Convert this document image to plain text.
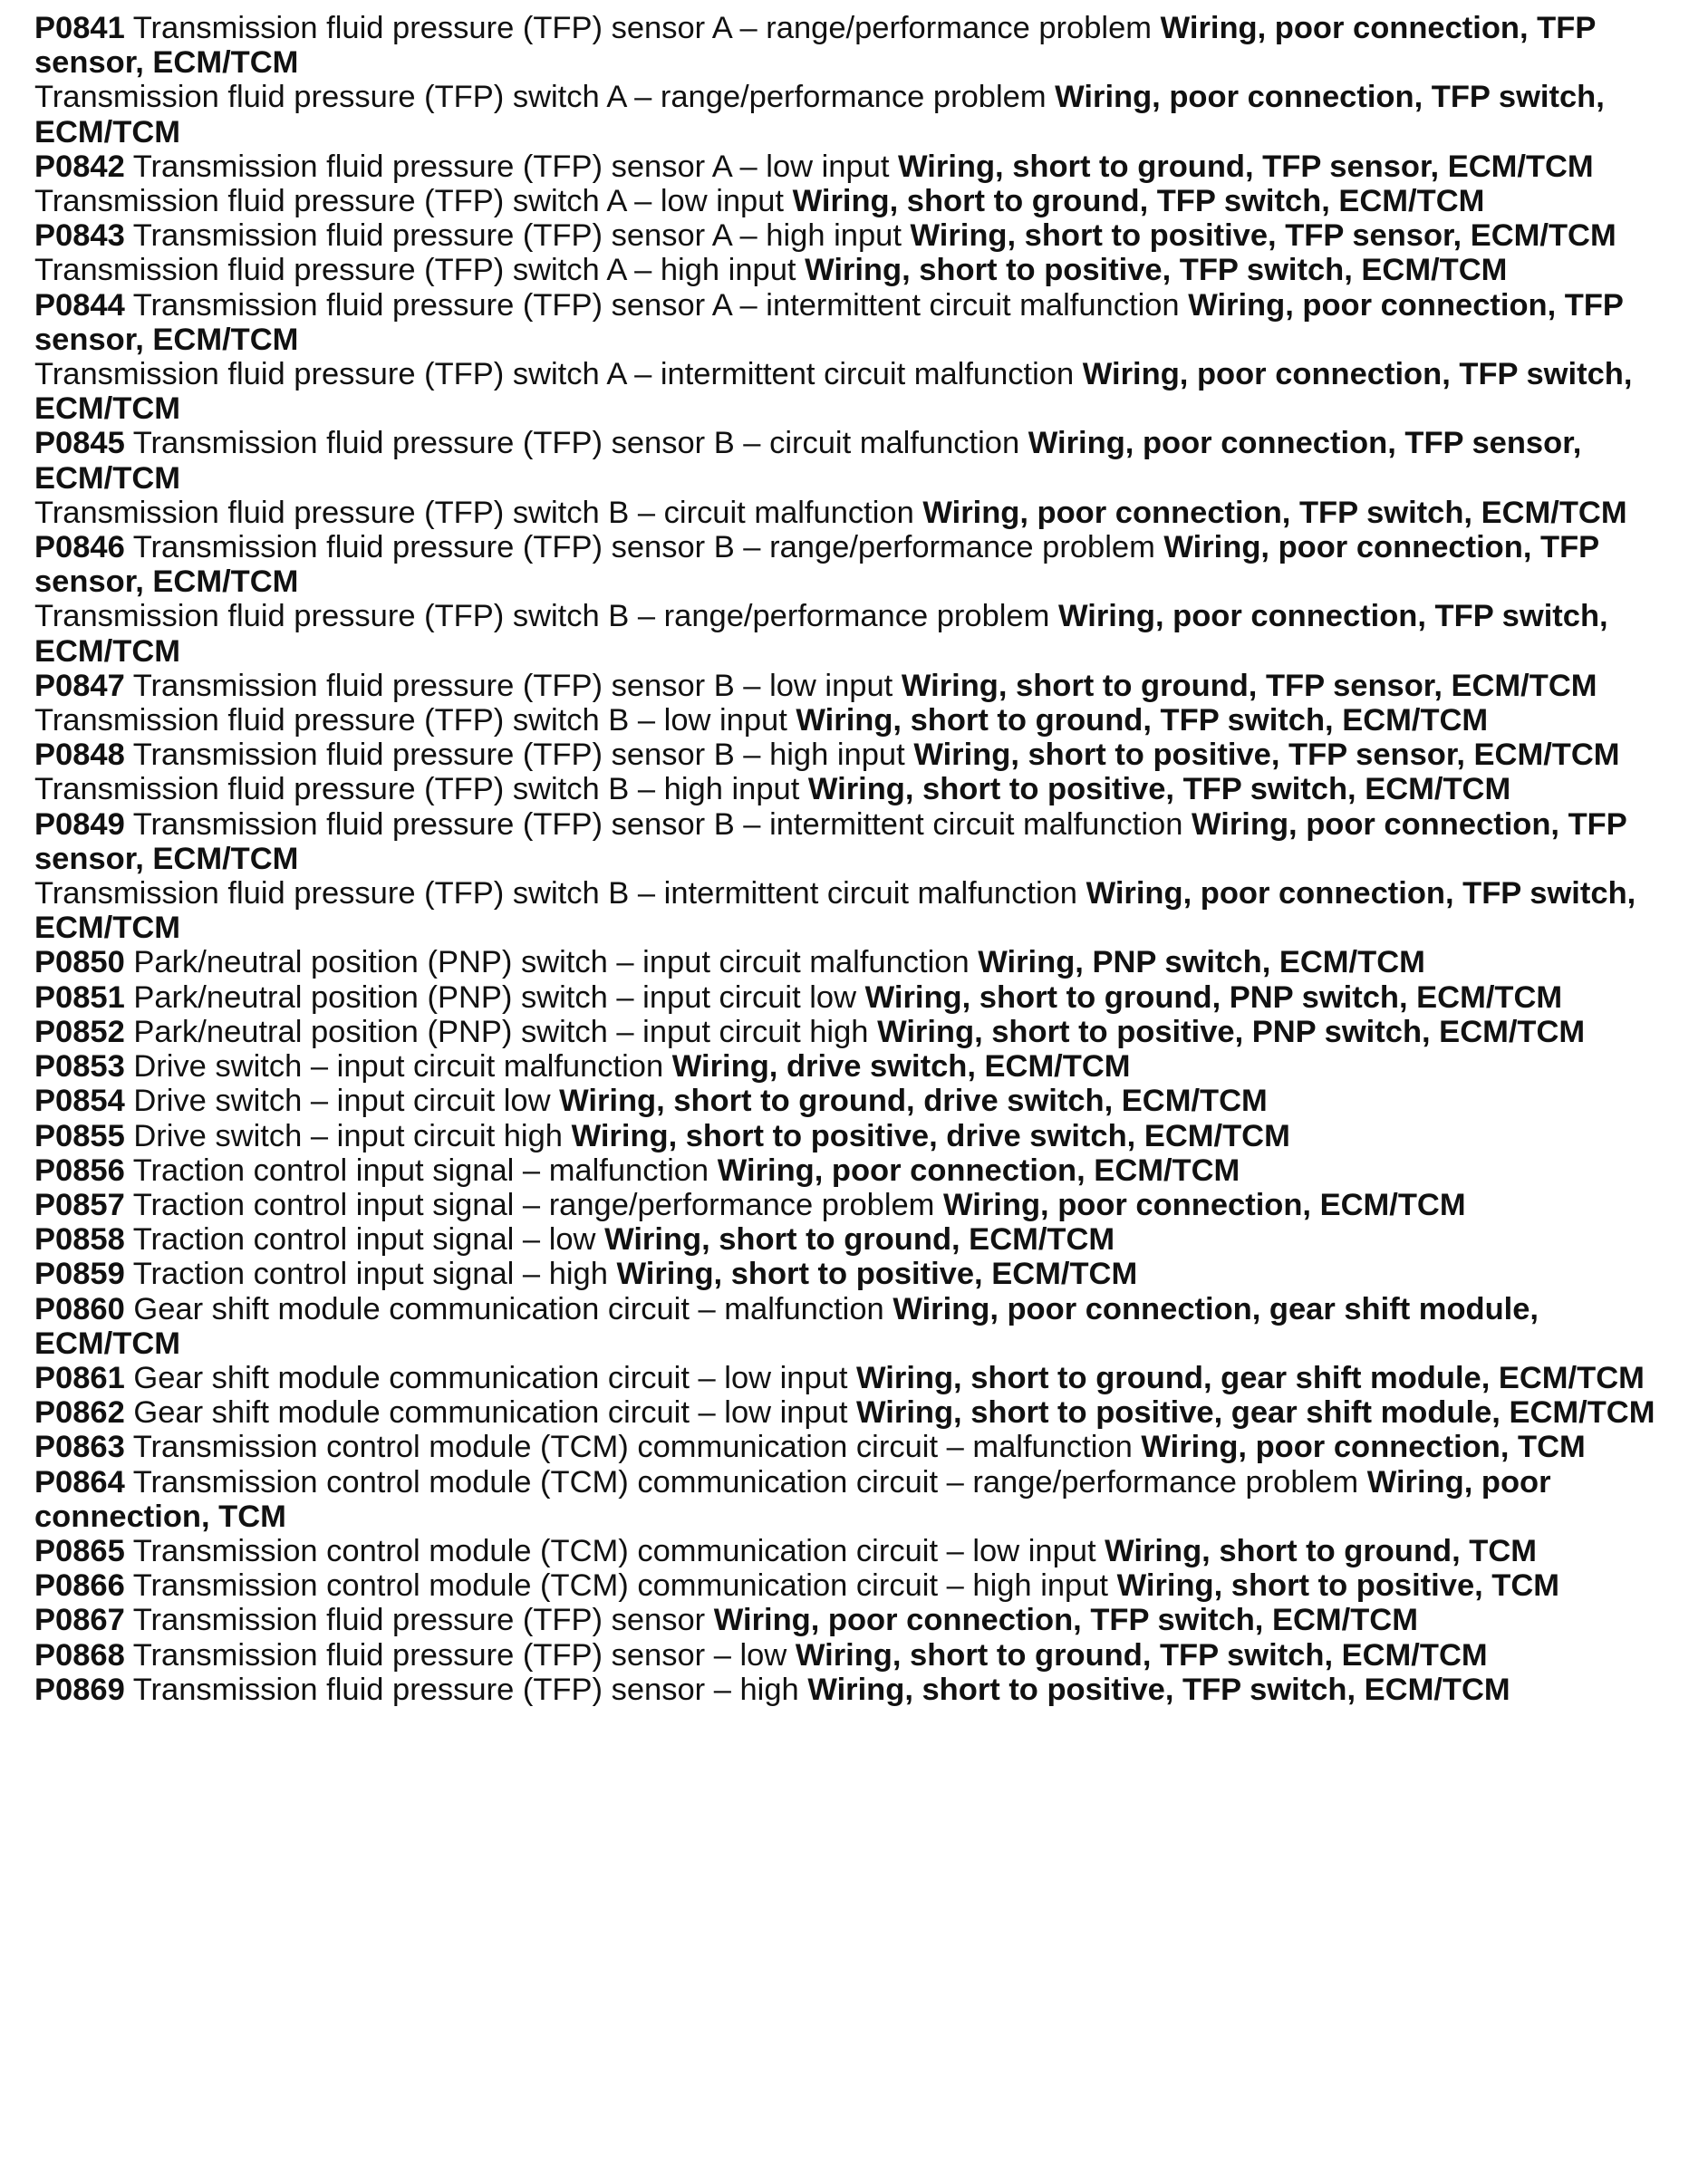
P0841 Transmission fluid pressure (TFP) sensor A – range/performance problem Wiring, poor connection, TFP sensor, ECM/TCM

Transmission fluid pressure (TFP) switch A – range/performance problem Wiring, poor connection, TFP switch, ECM/TCM

P0842 Transmission fluid pressure (TFP) sensor A – low input Wiring, short to ground, TFP sensor, ECM/TCM

Transmission fluid pressure (TFP) switch A – low input Wiring, short to ground, TFP switch, ECM/TCM

P0843 Transmission fluid pressure (TFP) sensor A – high input Wiring, short to positive, TFP sensor, ECM/TCM

Transmission fluid pressure (TFP) switch A – high input Wiring, short to positive, TFP switch, ECM/TCM

P0844 Transmission fluid pressure (TFP) sensor A – intermittent circuit malfunction Wiring, poor connection, TFP sensor, ECM/TCM

Transmission fluid pressure (TFP) switch A – intermittent circuit malfunction Wiring, poor connection, TFP switch, ECM/TCM

P0845 Transmission fluid pressure (TFP) sensor B – circuit malfunction Wiring, poor connection, TFP sensor, ECM/TCM

Transmission fluid pressure (TFP) switch B – circuit malfunction Wiring, poor connection, TFP switch, ECM/TCM

P0846 Transmission fluid pressure (TFP) sensor B – range/performance problem Wiring, poor connection, TFP sensor, ECM/TCM

Transmission fluid pressure (TFP) switch B – range/performance problem Wiring, poor connection, TFP switch, ECM/TCM

P0847 Transmission fluid pressure (TFP) sensor B – low input Wiring, short to ground, TFP sensor, ECM/TCM

Transmission fluid pressure (TFP) switch B – low input Wiring, short to ground, TFP switch, ECM/TCM

P0848 Transmission fluid pressure (TFP) sensor B – high input Wiring, short to positive, TFP sensor, ECM/TCM

Transmission fluid pressure (TFP) switch B – high input Wiring, short to positive, TFP switch, ECM/TCM

P0849 Transmission fluid pressure (TFP) sensor B – intermittent circuit malfunction Wiring, poor connection, TFP sensor, ECM/TCM

Transmission fluid pressure (TFP) switch B – intermittent circuit malfunction Wiring, poor connection, TFP switch, ECM/TCM

P0850 Park/neutral position (PNP) switch – input circuit malfunction Wiring, PNP switch, ECM/TCM

P0851 Park/neutral position (PNP) switch – input circuit low Wiring, short to ground, PNP switch, ECM/TCM

P0852 Park/neutral position (PNP) switch – input circuit high Wiring, short to positive, PNP switch, ECM/TCM

P0853 Drive switch – input circuit malfunction Wiring, drive switch, ECM/TCM

P0854 Drive switch – input circuit low Wiring, short to ground, drive switch, ECM/TCM

P0855 Drive switch – input circuit high Wiring, short to positive, drive switch, ECM/TCM

P0856 Traction control input signal – malfunction Wiring, poor connection, ECM/TCM

P0857 Traction control input signal – range/performance problem Wiring, poor connection, ECM/TCM

P0858 Traction control input signal – low Wiring, short to ground, ECM/TCM

P0859 Traction control input signal – high Wiring, short to positive, ECM/TCM

P0860 Gear shift module communication circuit – malfunction Wiring, poor connection, gear shift module, ECM/TCM

P0861 Gear shift module communication circuit – low input Wiring, short to ground, gear shift module, ECM/TCM

P0862 Gear shift module communication circuit – low input Wiring, short to positive, gear shift module, ECM/TCM

P0863 Transmission control module (TCM) communication circuit – malfunction Wiring, poor connection, TCM

P0864 Transmission control module (TCM) communication circuit – range/performance problem Wiring, poor connection, TCM

P0865 Transmission control module (TCM) communication circuit – low input Wiring, short to ground, TCM

P0866 Transmission control module (TCM) communication circuit – high input Wiring, short to positive, TCM

P0867 Transmission fluid pressure (TFP) sensor Wiring, poor connection, TFP switch, ECM/TCM

P0868 Transmission fluid pressure (TFP) sensor – low Wiring, short to ground, TFP switch, ECM/TCM

P0869 Transmission fluid pressure (TFP) sensor – high Wiring, short to positive, TFP switch, ECM/TCM
